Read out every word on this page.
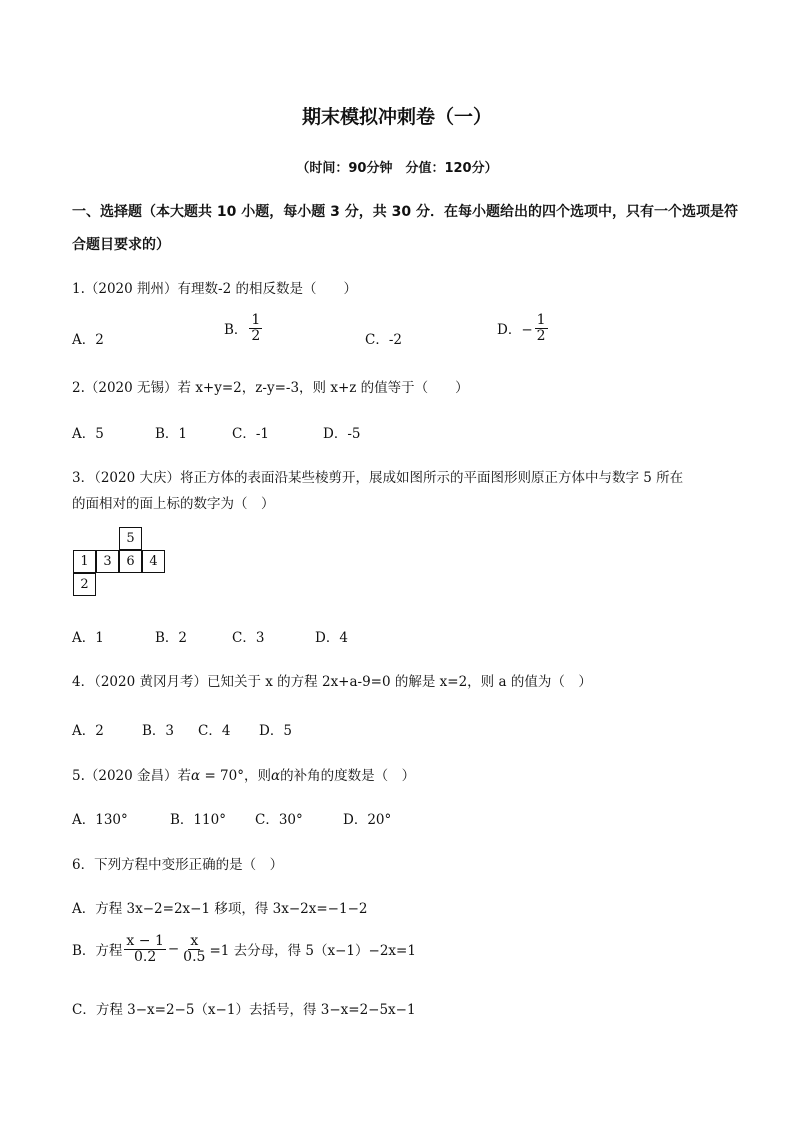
期末模拟冲刺卷（一）
（时间：90分钟　分值：120分）
一、选择题（本大题共 10 小题，每小题 3 分，共 30 分．在每小题给出的四个选项中，只有一个选项是符
合题目要求的）
1.（2020 荆州）有理数-2 的相反数是（　　）
A．2
B． $\frac{1}{2}$	C．-2
D．− $\frac{1}{2}$
2.（2020 无锡）若 x+y=2，z-y=-3，则 x+z 的值等于（　　）
A．5	B．1	C．-1	D．-5
3．（2020 大庆）将正方体的表面沿某些棱剪开，展成如图所示的平面图形则原正方体中与数字 5 所在
的面相对的面上标的数字为（　）
5
1	3	6	4
2
A．1	B．2	C．3	D．4
4．（2020 黄冈月考）已知关于 x 的方程 2x+a-9=0 的解是 x=2，则 a 的值为（　）
A．2	B．3 C．4 D．5
5.（2020 金昌）若α = 70°，则α的补角的度数是（　）
A．130°	B．110° C．30°	D．20°
6．下列方程中变形正确的是（　）
A．方程 3x−2=2x−1 移项，得 3x−2x=−1−2
B．方程 $\frac{x - 1}{0.2} - \frac{x}{0.5} =1$ 去分母，得 5（x−1）−2x=1
C．方程 3−x=2−5（x−1）去括号，得 3−x=2−5x−1
